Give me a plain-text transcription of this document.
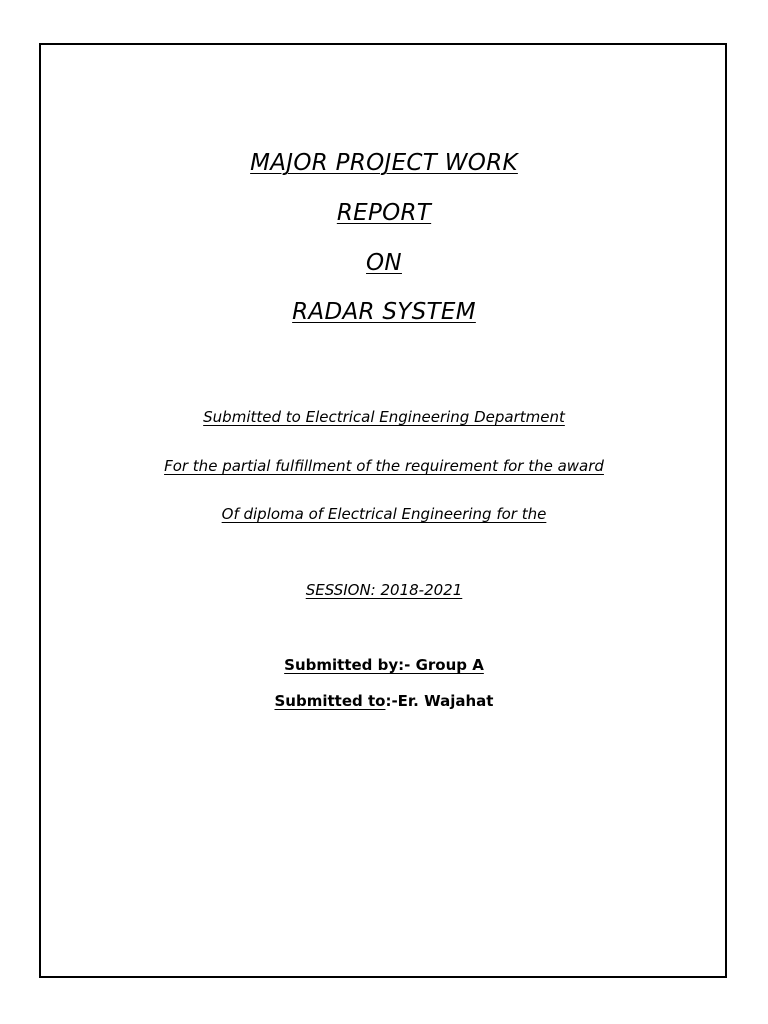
MAJOR PROJECT WORK
REPORT
ON
RADAR SYSTEM
Submitted to Electrical Engineering Department
For the partial fulfillment of the requirement for the award
Of diploma of Electrical Engineering for the
SESSION: 2018-2021
Submitted by:- Group A
Submitted to:-Er. Wajahat
